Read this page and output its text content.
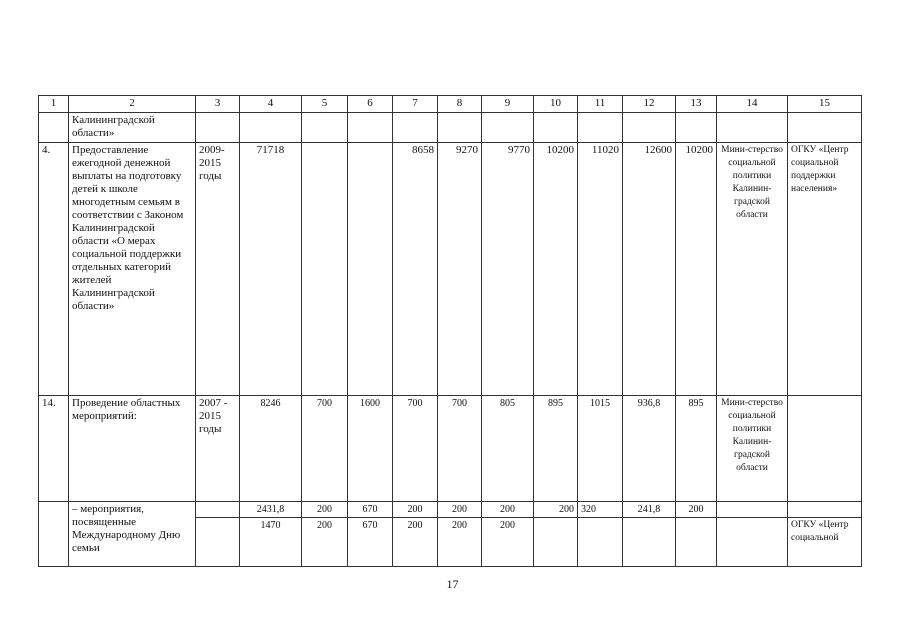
1	2	3	4	5	6	7	8	9	10	11	12	13	14	15
	Калининградской области»													
4.	Предоставление ежегодной денежной выплаты на подготовку детей к школе многодетным семьям в соответствии с Законом Калининградской области «О мерах социальной поддержки отдельных категорий жителей Калининградской области»	2009-2015 годы	71718			8658	9270	9770	10200	11020	12600	10200	Мини-стерство социальной политики Калинин-градской области	ОГКУ «Центр социальной поддержки населения»
14.	Проведение областных мероприятий:	2007 - 2015 годы	8246	700	1600	700	700	805	895	1015	936,8	895	Мини-стерство социальной политики Калинин-градской области	
	– мероприятия, посвященные Международному Дню семьи		2431,8	200	670	200	200	200	200	320	241,8	200		
			1470	200	670	200	200	200						ОГКУ «Центр социальной
17
